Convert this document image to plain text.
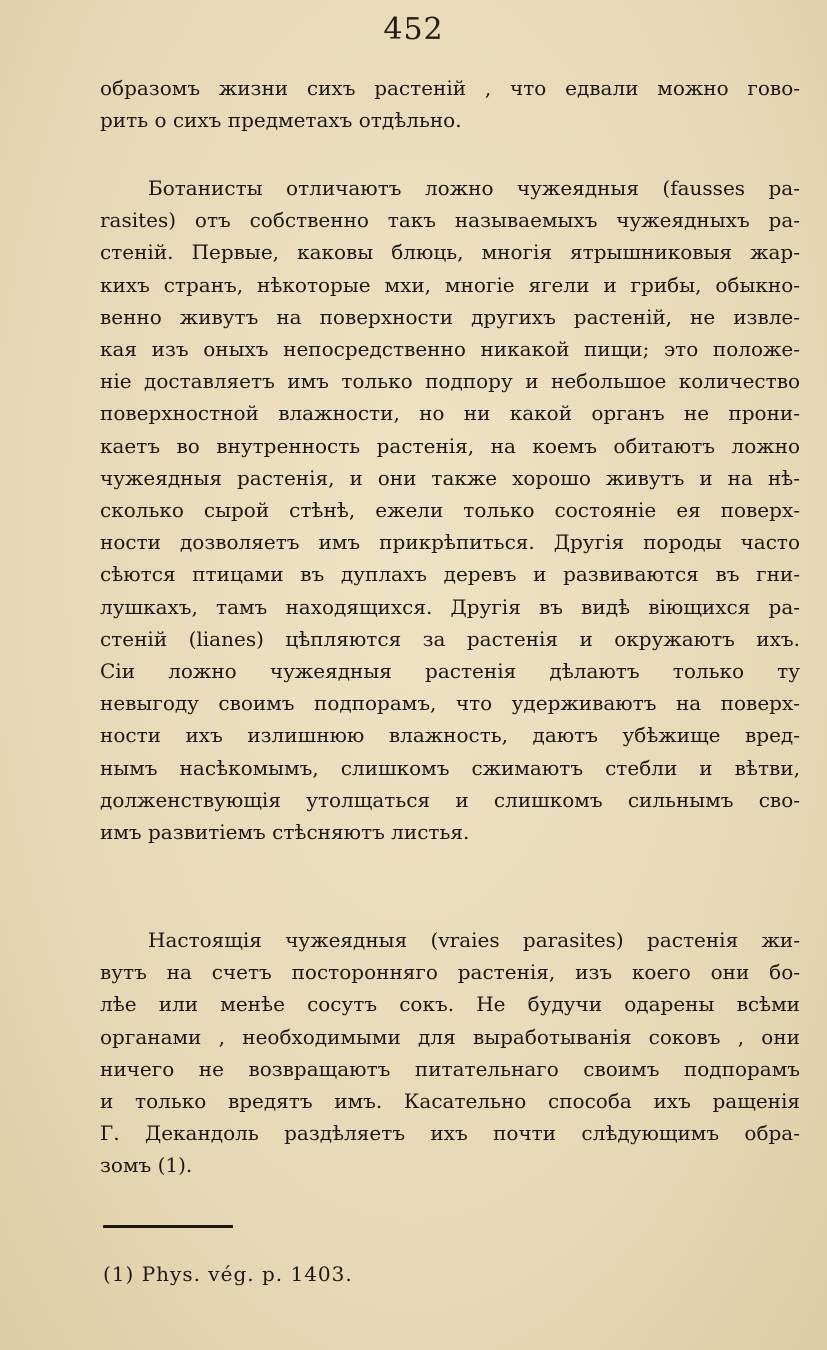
452

образомъ жизни сихъ растеній , что едвали можно гово-
рить о сихъ предметахъ отдѣльно.

Ботанисты отличаютъ ложно чужеядныя (fausses pa-
rasites) отъ собственно такъ называемыхъ чужеядныхъ ра-
стеній. Первые, каковы блюць, многія ятрышниковыя жар-
кихъ странъ, нѣкоторые мхи, многіе ягели и грибы, обыкно-
венно живутъ на поверхности другихъ растеній, не извле-
кая изъ оныхъ непосредственно никакой пищи; это положе-
ніе доставляетъ имъ только подпору и небольшое количество
поверхностной влажности, но ни какой органъ не прони-
каетъ во внутренность растенія, на коемъ обитаютъ ложно
чужеядныя растенія, и они также хорошо живутъ и на нѣ-
сколько сырой стѣнѣ, ежели только состояніе ея поверх-
ности дозволяетъ имъ прикрѣпиться. Другія породы часто
сѣются птицами въ дуплахъ деревъ и развиваются въ гни-
лушкахъ, тамъ находящихся. Другія въ видѣ віющихся ра-
стеній (lianes) цѣпляются за растенія и окружаютъ ихъ.
Сіи ложно чужеядныя растенія дѣлаютъ только ту
невыгоду своимъ подпорамъ, что удерживаютъ на поверх-
ности ихъ излишнюю влажность, даютъ убѣжище вред-
нымъ насѣкомымъ, слишкомъ сжимаютъ стебли и вѣтви,
долженствующія утолщаться и слишкомъ сильнымъ сво-
имъ развитіемъ стѣсняютъ листья.

Настоящія чужеядныя (vraies parasites) растенія жи-
вутъ на счетъ посторонняго растенія, изъ коего они бо-
лѣе или менѣе сосутъ сокъ. Не будучи одарены всѣми
органами , необходимыми для выработыванія соковъ , они
ничего не возвращаютъ питательнаго своимъ подпорамъ
и только вредятъ имъ. Касательно способа ихъ ращенія
Г. Декандоль раздѣляетъ ихъ почти слѣдующимъ обра-
зомъ (1).

(1) Phys. vég. p. 1403.
